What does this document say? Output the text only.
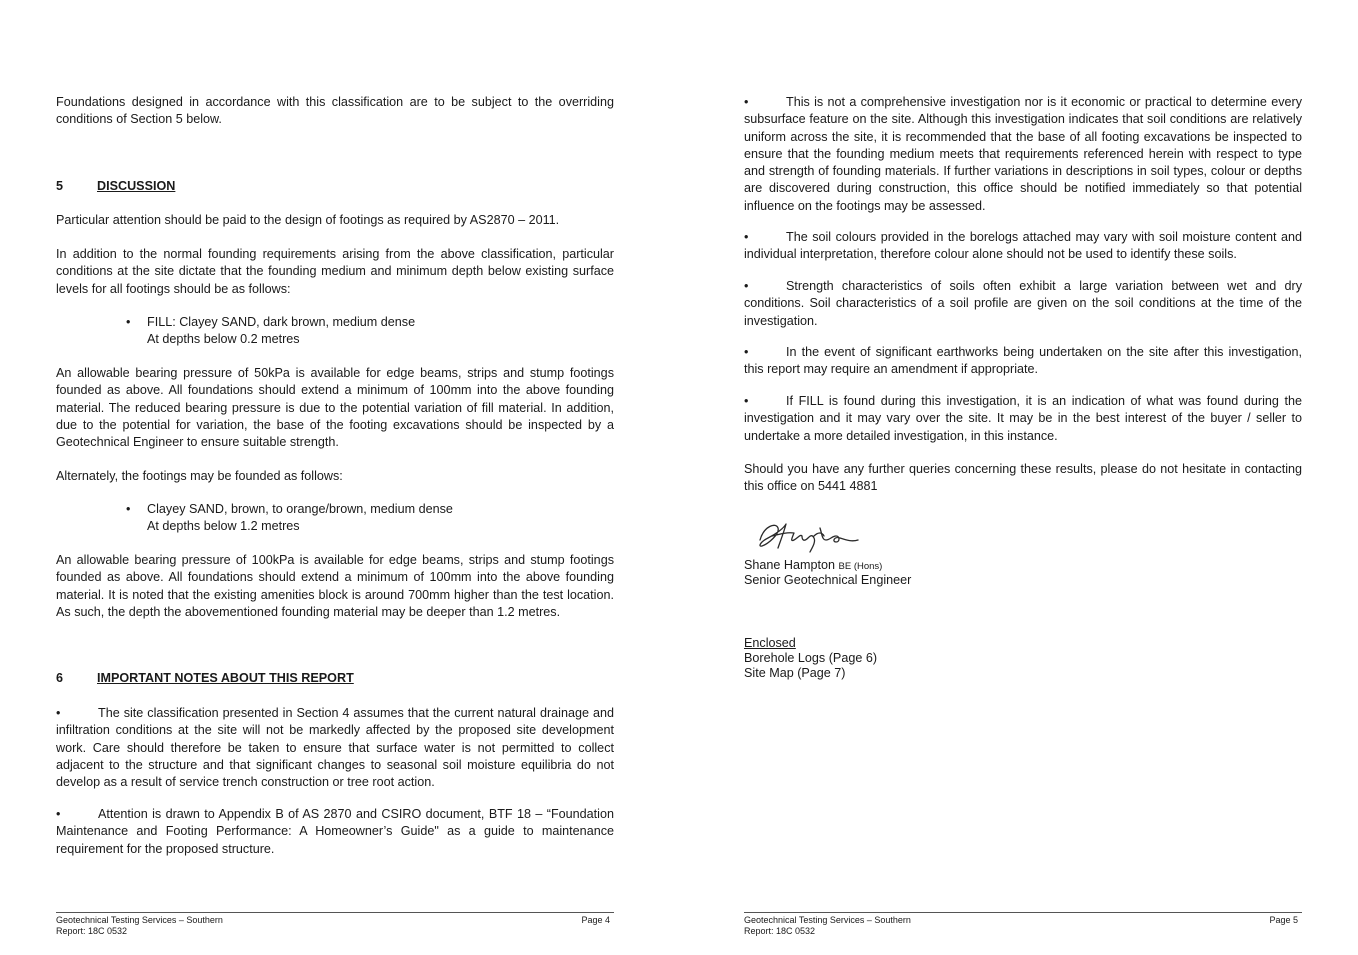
Foundations designed in accordance with this classification are to be subject to the overriding conditions of Section 5 below.

5	DISCUSSION

Particular attention should be paid to the design of footings as required by AS2870 – 2011.

In addition to the normal founding requirements arising from the above classification, particular conditions at the site dictate that the founding medium and minimum depth below existing surface levels for all footings should be as follows:

• FILL: Clayey SAND, dark brown, medium dense
At depths below 0.2 metres

An allowable bearing pressure of 50kPa is available for edge beams, strips and stump footings founded as above. All foundations should extend a minimum of 100mm into the above founding material. The reduced bearing pressure is due to the potential variation of fill material. In addition, due to the potential for variation, the base of the footing excavations should be inspected by a Geotechnical Engineer to ensure suitable strength.

Alternately, the footings may be founded as follows:

• Clayey SAND, brown, to orange/brown, medium dense
At depths below 1.2 metres

An allowable bearing pressure of 100kPa is available for edge beams, strips and stump footings founded as above. All foundations should extend a minimum of 100mm into the above founding material. It is noted that the existing amenities block is around 700mm higher than the test location. As such, the depth the abovementioned founding material may be deeper than 1.2 metres.

6	IMPORTANT NOTES ABOUT THIS REPORT

•	The site classification presented in Section 4 assumes that the current natural drainage and infiltration conditions at the site will not be markedly affected by the proposed site development work. Care should therefore be taken to ensure that surface water is not permitted to collect adjacent to the structure and that significant changes to seasonal soil moisture equilibria do not develop as a result of service trench construction or tree root action.

•	Attention is drawn to Appendix B of AS 2870 and CSIRO document, BTF 18 – “Foundation Maintenance and Footing Performance: A Homeowner’s Guide" as a guide to maintenance requirement for the proposed structure.

Geotechnical Testing Services – Southern
Report: 18C 0532
Page 4

•	This is not a comprehensive investigation nor is it economic or practical to determine every subsurface feature on the site. Although this investigation indicates that soil conditions are relatively uniform across the site, it is recommended that the base of all footing excavations be inspected to ensure that the founding medium meets that requirements referenced herein with respect to type and strength of founding materials. If further variations in descriptions in soil types, colour or depths are discovered during construction, this office should be notified immediately so that potential influence on the footings may be assessed.

•	The soil colours provided in the borelogs attached may vary with soil moisture content and individual interpretation, therefore colour alone should not be used to identify these soils.

•	Strength characteristics of soils often exhibit a large variation between wet and dry conditions. Soil characteristics of a soil profile are given on the soil conditions at the time of the investigation.

•	In the event of significant earthworks being undertaken on the site after this investigation, this report may require an amendment if appropriate.

•	If FILL is found during this investigation, it is an indication of what was found during the investigation and it may vary over the site. It may be in the best interest of the buyer / seller to undertake a more detailed investigation, in this instance.

Should you have any further queries concerning these results, please do not hesitate in contacting this office on 5441 4881

Shane Hampton BE (Hons)
Senior Geotechnical Engineer
Enclosed
Borehole Logs (Page 6)
Site Map (Page 7)
Geotechnical Testing Services – Southern
Report: 18C 0532
Page 5
